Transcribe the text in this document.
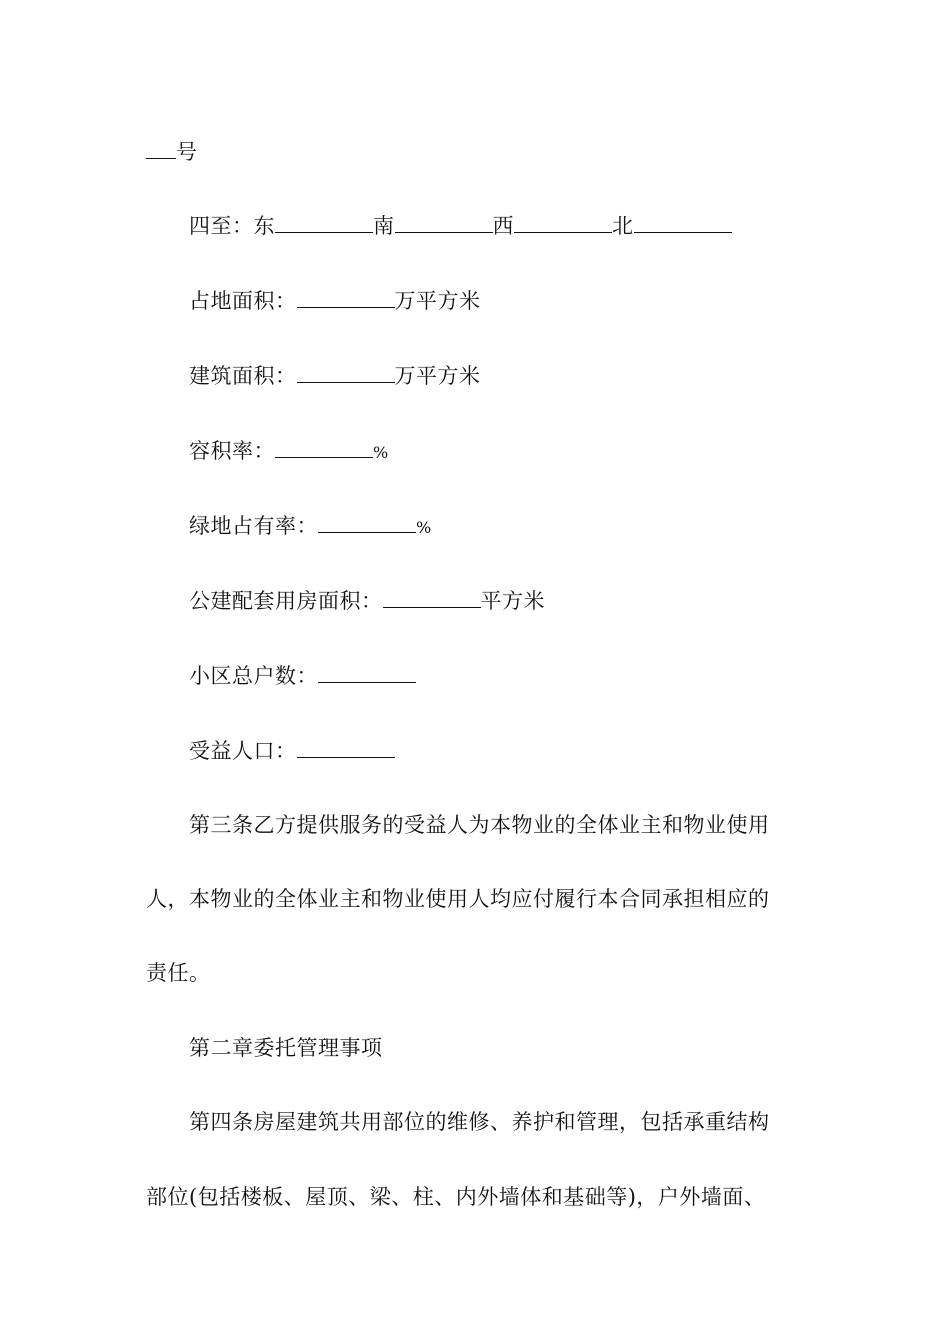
号
四至：东	南	西	北
占地面积：	万平方米
建筑面积：	万平方米
容积率：	%
绿地占有率：	%
公建配套用房面积：	平方米
小区总户数：
受益人口：
第三条乙方提供服务的受益人为本物业的全体业主和物业使用
人，本物业的全体业主和物业使用人均应付履行本合同承担相应的
责任。
第二章委托管理事项
第四条房屋建筑共用部位的维修、养护和管理，包括承重结构
部位(包括楼板、屋顶、梁、柱、内外墙体和基础等)，户外墙面、
